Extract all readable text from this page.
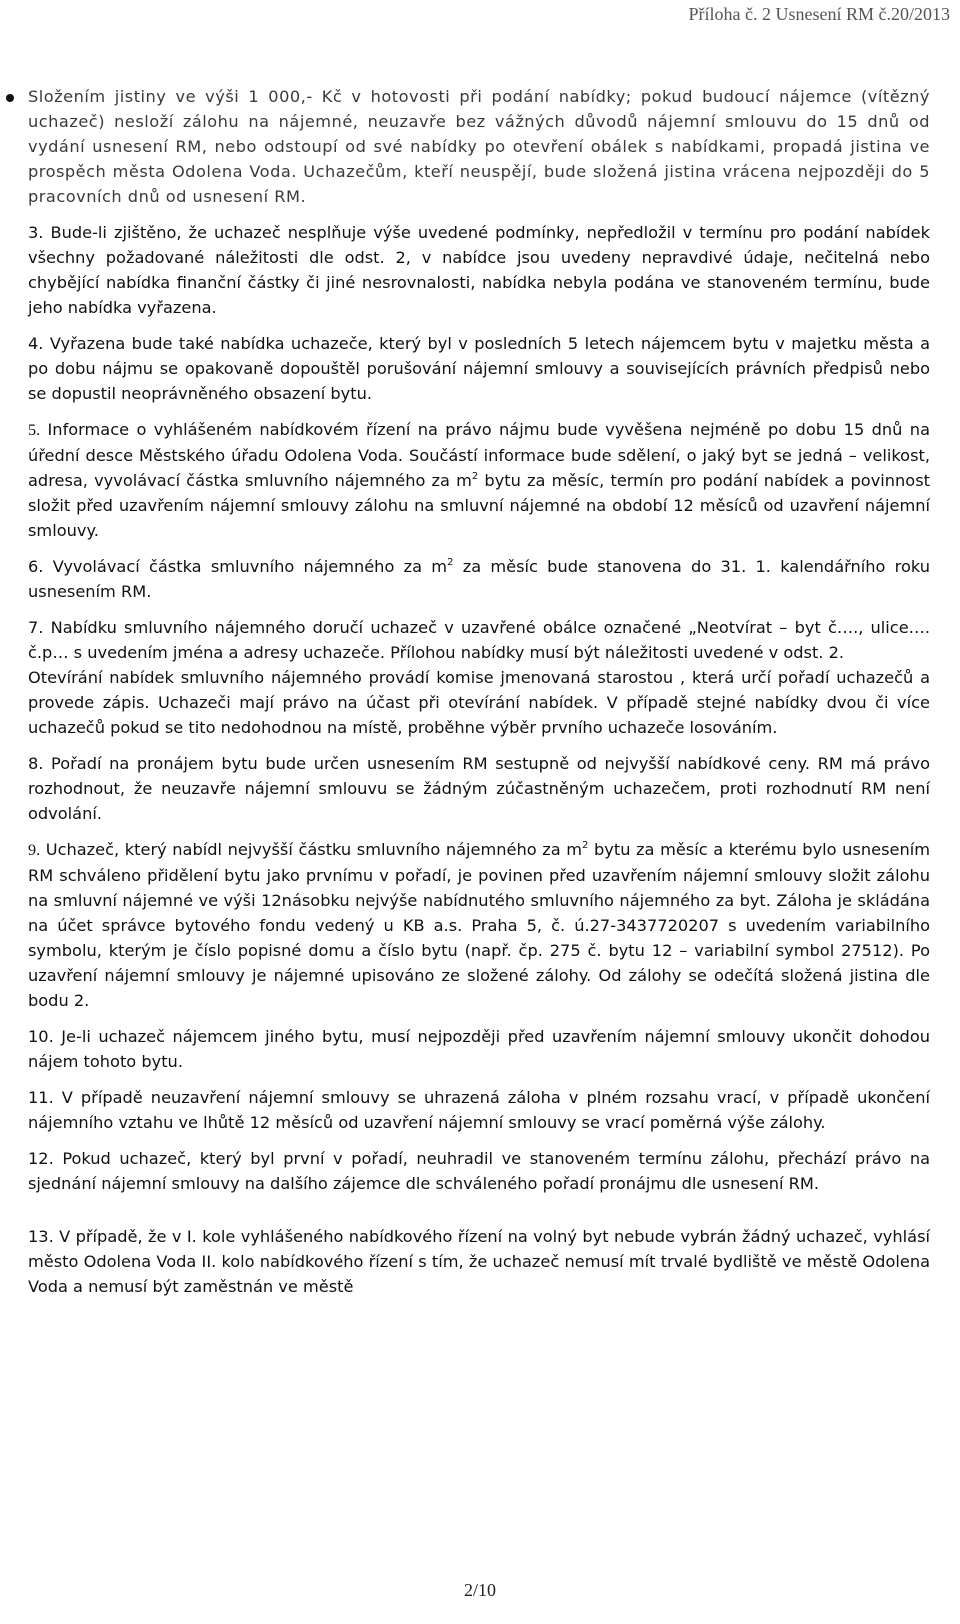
Příloha č. 2 Usnesení RM č.20/2013

Složením jistiny ve výši 1 000,- Kč v hotovosti při podání nabídky; pokud budoucí nájemce (vítězný uchazeč) nesloží zálohu na nájemné, neuzavře bez vážných důvodů nájemní smlouvu do 15 dnů od vydání usnesení RM, nebo odstoupí od své nabídky po otevření obálek s nabídkami, propadá jistina ve prospěch města Odolena Voda. Uchazečům, kteří neuspějí, bude složená jistina vrácena nejpozději do 5 pracovních dnů od usnesení RM.

3. Bude-li zjištěno, že uchazeč nesplňuje výše uvedené podmínky, nepředložil v termínu pro podání nabídek všechny požadované náležitosti dle odst. 2, v nabídce jsou uvedeny nepravdivé údaje, nečitelná nebo chybějící nabídka finanční částky či jiné nesrovnalosti, nabídka nebyla podána ve stanoveném termínu, bude jeho nabídka vyřazena.

4. Vyřazena bude také nabídka uchazeče, který byl v posledních 5 letech nájemcem bytu v majetku města a po dobu nájmu se opakovaně dopouštěl porušování nájemní smlouvy a souvisejících právních předpisů nebo se dopustil neoprávněného obsazení bytu.

5. Informace o vyhlášeném nabídkovém řízení na právo nájmu bude vyvěšena nejméně po dobu 15 dnů na úřední desce Městského úřadu Odolena Voda. Součástí informace bude sdělení, o jaký byt se jedná – velikost, adresa, vyvolávací částka smluvního nájemného za $m^2$ bytu za měsíc, termín pro podání nabídek a povinnost složit před uzavřením nájemní smlouvy zálohu na smluvní nájemné na období 12 měsíců od uzavření nájemní smlouvy.

6. Vyvolávací částka smluvního nájemného za $m^2$ za měsíc bude stanovena do 31. 1. kalendářního roku usnesením RM.

7. Nabídku smluvního nájemného doručí uchazeč v uzavřené obálce označené „Neotvírat – byt č…., ulice…. č.p… s uvedením jména a adresy uchazeče. Přílohou nabídky musí být náležitosti uvedené v odst. 2.

Otevírání nabídek smluvního nájemného provádí komise jmenovaná starostou , která určí pořadí uchazečů a provede zápis. Uchazeči mají právo na účast při otevírání nabídek. V případě stejné nabídky dvou či více uchazečů pokud se tito nedohodnou na místě, proběhne výběr prvního uchazeče losováním.

8. Pořadí na pronájem bytu bude určen usnesením RM sestupně od nejvyšší nabídkové ceny. RM má právo rozhodnout, že neuzavře nájemní smlouvu se žádným zúčastněným uchazečem, proti rozhodnutí RM není odvolání.

9. Uchazeč, který nabídl nejvyšší částku smluvního nájemného za $m^2$ bytu za měsíc a kterému bylo usnesením RM schváleno přidělení bytu jako prvnímu v pořadí, je povinen před uzavřením nájemní smlouvy složit zálohu na smluvní nájemné ve výši 12násobku nejvýše nabídnutého smluvního nájemného za byt. Záloha je skládána na účet správce bytového fondu vedený u KB a.s. Praha 5, č. ú.27-3437720207 s uvedením variabilního symbolu, kterým je číslo popisné domu a číslo bytu (např. čp. 275 č. bytu 12 – variabilní symbol 27512). Po uzavření nájemní smlouvy je nájemné upisováno ze složené zálohy. Od zálohy se odečítá složená jistina dle bodu 2.

10. Je-li uchazeč nájemcem jiného bytu, musí nejpozději před uzavřením nájemní smlouvy ukončit dohodou nájem tohoto bytu.

11. V případě neuzavření nájemní smlouvy se uhrazená záloha v plném rozsahu vrací, v případě ukončení nájemního vztahu ve lhůtě 12 měsíců od uzavření nájemní smlouvy se vrací poměrná výše zálohy.

12. Pokud uchazeč, který byl první v pořadí, neuhradil ve stanoveném termínu zálohu, přechází právo na sjednání nájemní smlouvy na dalšího zájemce dle schváleného pořadí pronájmu dle usnesení RM.

13. V případě, že v I. kole vyhlášeného nabídkového řízení na volný byt nebude vybrán žádný uchazeč, vyhlásí město Odolena Voda II. kolo nabídkového řízení s tím, že uchazeč nemusí mít trvalé bydliště ve městě Odolena Voda a nemusí být zaměstnán ve městě

2/10
